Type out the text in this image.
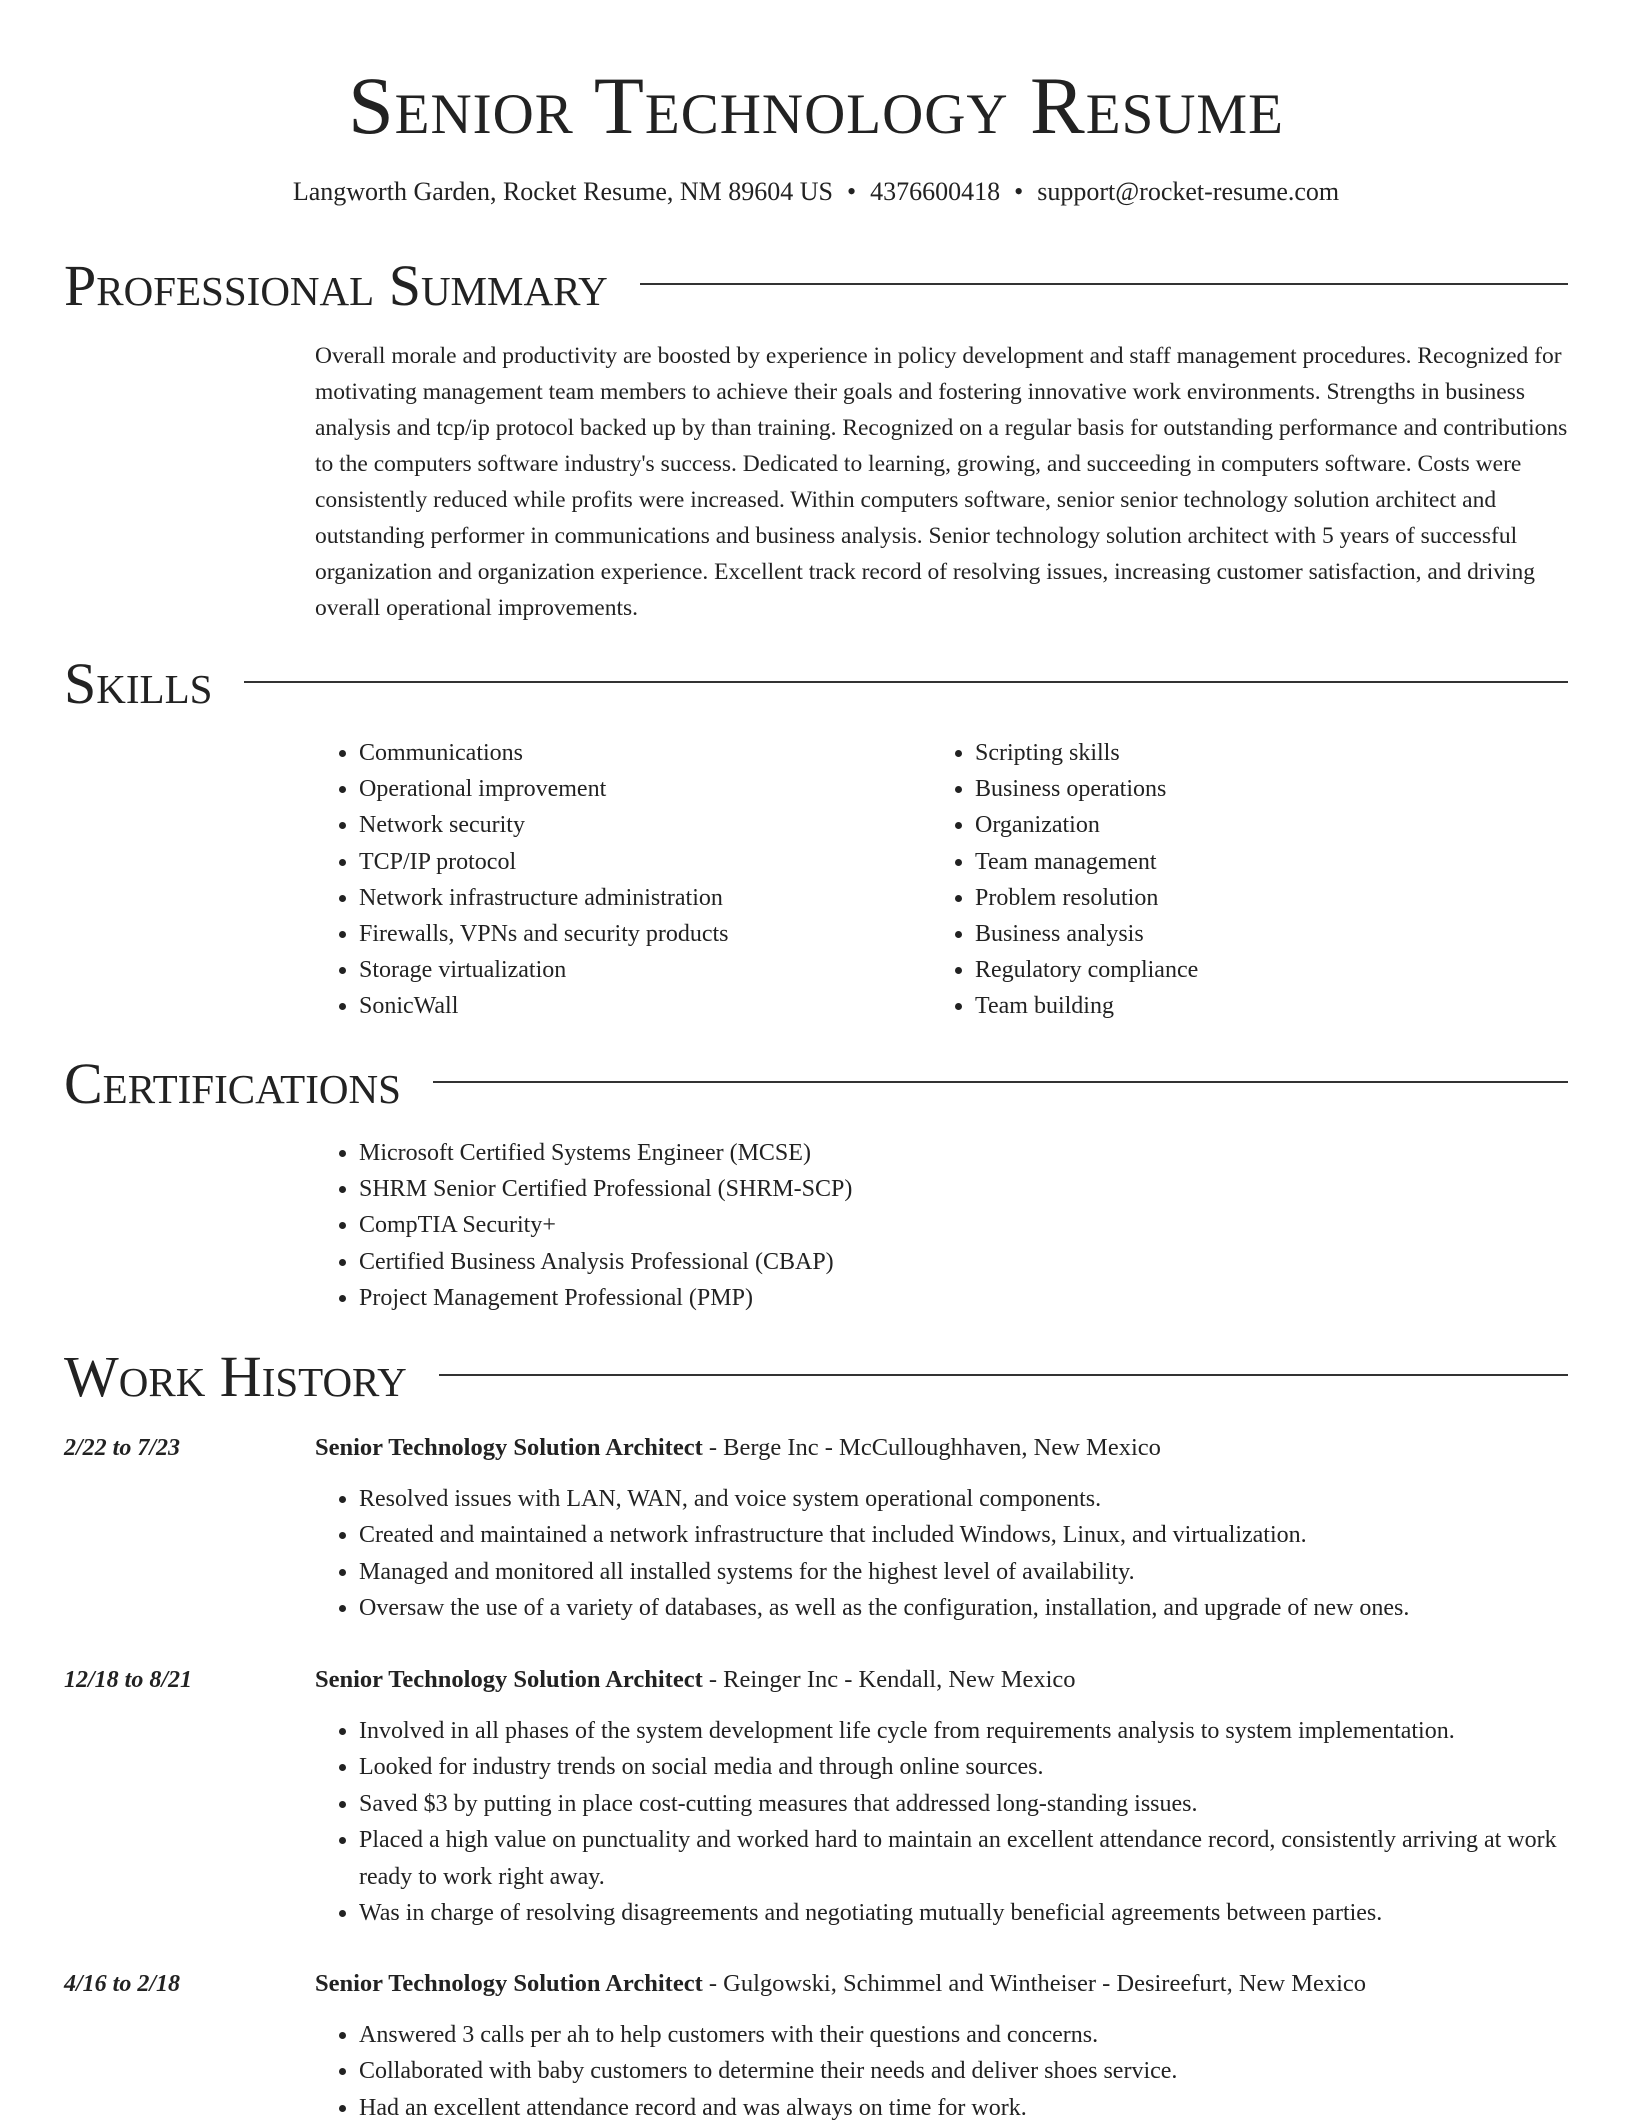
Senior Technology Resume
Langworth Garden, Rocket Resume, NM 89604 US • 4376600418 • support@rocket-resume.com
Professional Summary
Overall morale and productivity are boosted by experience in policy development and staff management procedures. Recognized for motivating management team members to achieve their goals and fostering innovative work environments. Strengths in business analysis and tcp/ip protocol backed up by than training. Recognized on a regular basis for outstanding performance and contributions to the computers software industry's success. Dedicated to learning, growing, and succeeding in computers software. Costs were consistently reduced while profits were increased. Within computers software, senior senior technology solution architect and outstanding performer in communications and business analysis. Senior technology solution architect with 5 years of successful organization and organization experience. Excellent track record of resolving issues, increasing customer satisfaction, and driving overall operational improvements.
Skills
• Communications
• Operational improvement
• Network security
• TCP/IP protocol
• Network infrastructure administration
• Firewalls, VPNs and security products
• Storage virtualization
• SonicWall
• Scripting skills
• Business operations
• Organization
• Team management
• Problem resolution
• Business analysis
• Regulatory compliance
• Team building
Certifications
• Microsoft Certified Systems Engineer (MCSE)
• SHRM Senior Certified Professional (SHRM-SCP)
• CompTIA Security+
• Certified Business Analysis Professional (CBAP)
• Project Management Professional (PMP)
Work History
2/22 to 7/23	Senior Technology Solution Architect - Berge Inc - McCulloughhaven, New Mexico
• Resolved issues with LAN, WAN, and voice system operational components.
• Created and maintained a network infrastructure that included Windows, Linux, and virtualization.
• Managed and monitored all installed systems for the highest level of availability.
• Oversaw the use of a variety of databases, as well as the configuration, installation, and upgrade of new ones.
12/18 to 8/21	Senior Technology Solution Architect - Reinger Inc - Kendall, New Mexico
• Involved in all phases of the system development life cycle from requirements analysis to system implementation.
• Looked for industry trends on social media and through online sources.
• Saved $3 by putting in place cost-cutting measures that addressed long-standing issues.
• Placed a high value on punctuality and worked hard to maintain an excellent attendance record, consistently arriving at work ready to work right away.
• Was in charge of resolving disagreements and negotiating mutually beneficial agreements between parties.
4/16 to 2/18	Senior Technology Solution Architect - Gulgowski, Schimmel and Wintheiser - Desireefurt, New Mexico
• Answered 3 calls per ah to help customers with their questions and concerns.
• Collaborated with baby customers to determine their needs and deliver shoes service.
• Had an excellent attendance record and was always on time for work.
